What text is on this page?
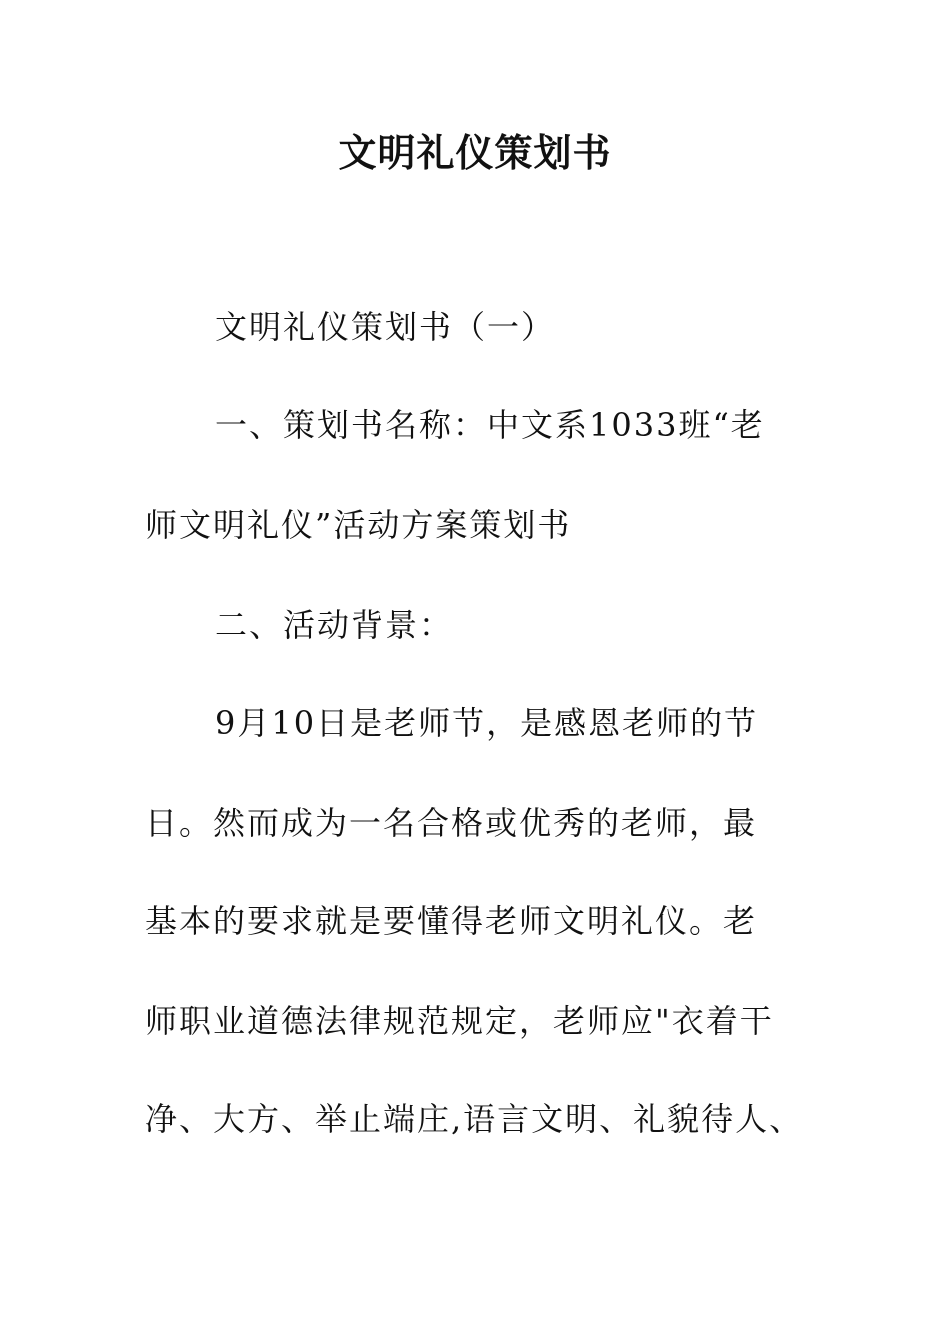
文明礼仪策划书
文明礼仪策划书（一）
一、策划书名称：中文系1033班“老
师文明礼仪”活动方案策划书
二、活动背景：
9月10日是老师节，是感恩老师的节
日。然而成为一名合格或优秀的老师，最
基本的要求就是要懂得老师文明礼仪。老
师职业道德法律规范规定，老师应"衣着干
净、大方、举止端庄,语言文明、礼貌待人、
